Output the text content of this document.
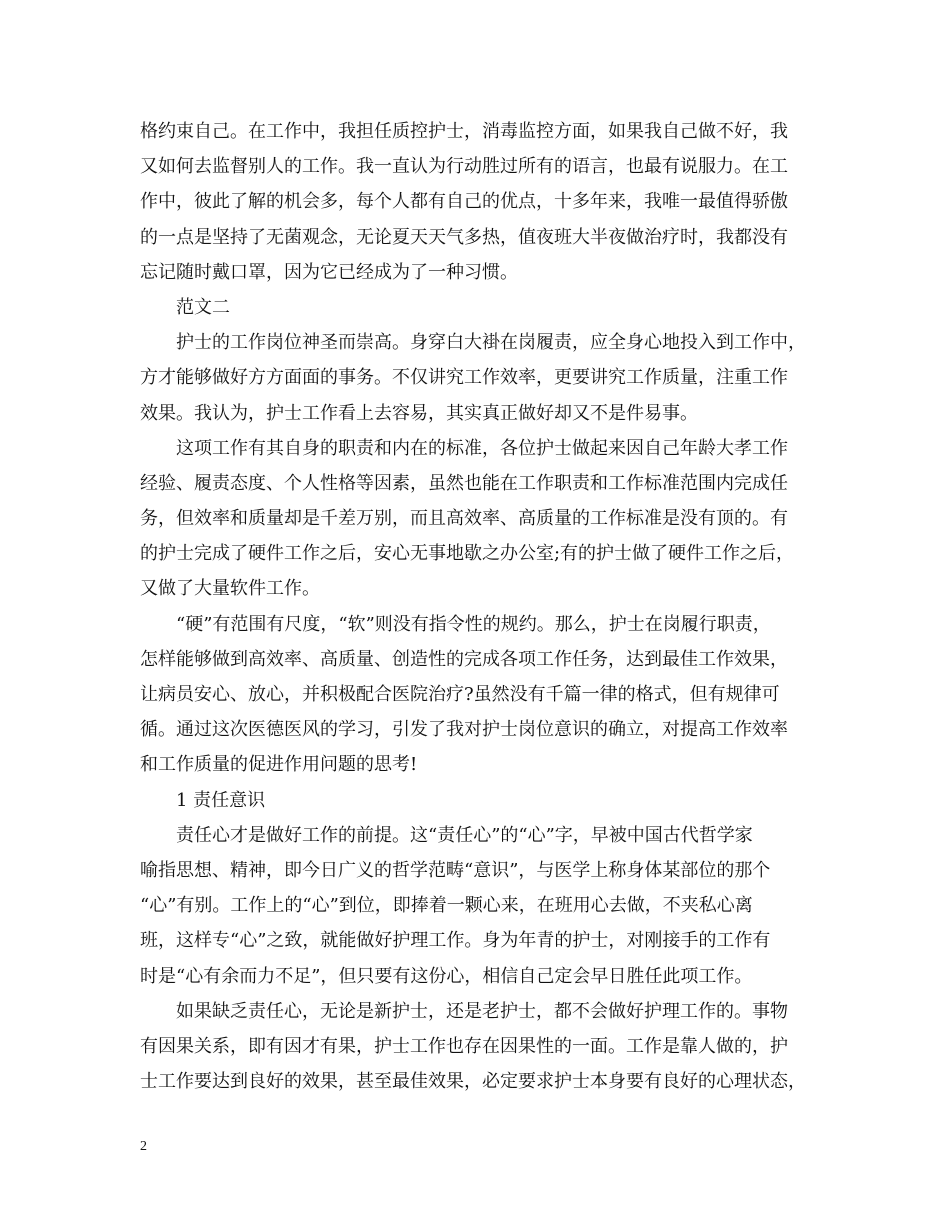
格约束自己。在工作中，我担任质控护士，消毒监控方面，如果我自己做不好，我
又如何去监督别人的工作。我一直认为行动胜过所有的语言，也最有说服力。在工
作中，彼此了解的机会多，每个人都有自己的优点，十多年来，我唯一最值得骄傲
的一点是坚持了无菌观念，无论夏天天气多热，值夜班大半夜做治疗时，我都没有
忘记随时戴口罩，因为它已经成为了一种习惯。
范文二
护士的工作岗位神圣而崇高。身穿白大褂在岗履责，应全身心地投入到工作中，
方才能够做好方方面面的事务。不仅讲究工作效率，更要讲究工作质量，注重工作
效果。我认为，护士工作看上去容易，其实真正做好却又不是件易事。
这项工作有其自身的职责和内在的标准，各位护士做起来因自己年龄大孝工作
经验、履责态度、个人性格等因素，虽然也能在工作职责和工作标准范围内完成任
务，但效率和质量却是千差万别，而且高效率、高质量的工作标准是没有顶的。有
的护士完成了硬件工作之后，安心无事地歇之办公室;有的护士做了硬件工作之后，
又做了大量软件工作。
“硬”有范围有尺度，“软”则没有指令性的规约。那么，护士在岗履行职责，
怎样能够做到高效率、高质量、创造性的完成各项工作任务，达到最佳工作效果，
让病员安心、放心，并积极配合医院治疗?虽然没有千篇一律的格式，但有规律可
循。通过这次医德医风的学习，引发了我对护士岗位意识的确立，对提高工作效率
和工作质量的促进作用问题的思考!
1 责任意识
责任心才是做好工作的前提。这“责任心”的“心”字，早被中国古代哲学家
喻指思想、精神，即今日广义的哲学范畴“意识”，与医学上称身体某部位的那个
“心”有别。工作上的“心”到位，即捧着一颗心来，在班用心去做，不夹私心离
班，这样专“心”之致，就能做好护理工作。身为年青的护士，对刚接手的工作有
时是“心有余而力不足”，但只要有这份心，相信自己定会早日胜任此项工作。
如果缺乏责任心，无论是新护士，还是老护士，都不会做好护理工作的。事物
有因果关系，即有因才有果，护士工作也存在因果性的一面。工作是靠人做的，护
士工作要达到良好的效果，甚至最佳效果，必定要求护士本身要有良好的心理状态，
2
